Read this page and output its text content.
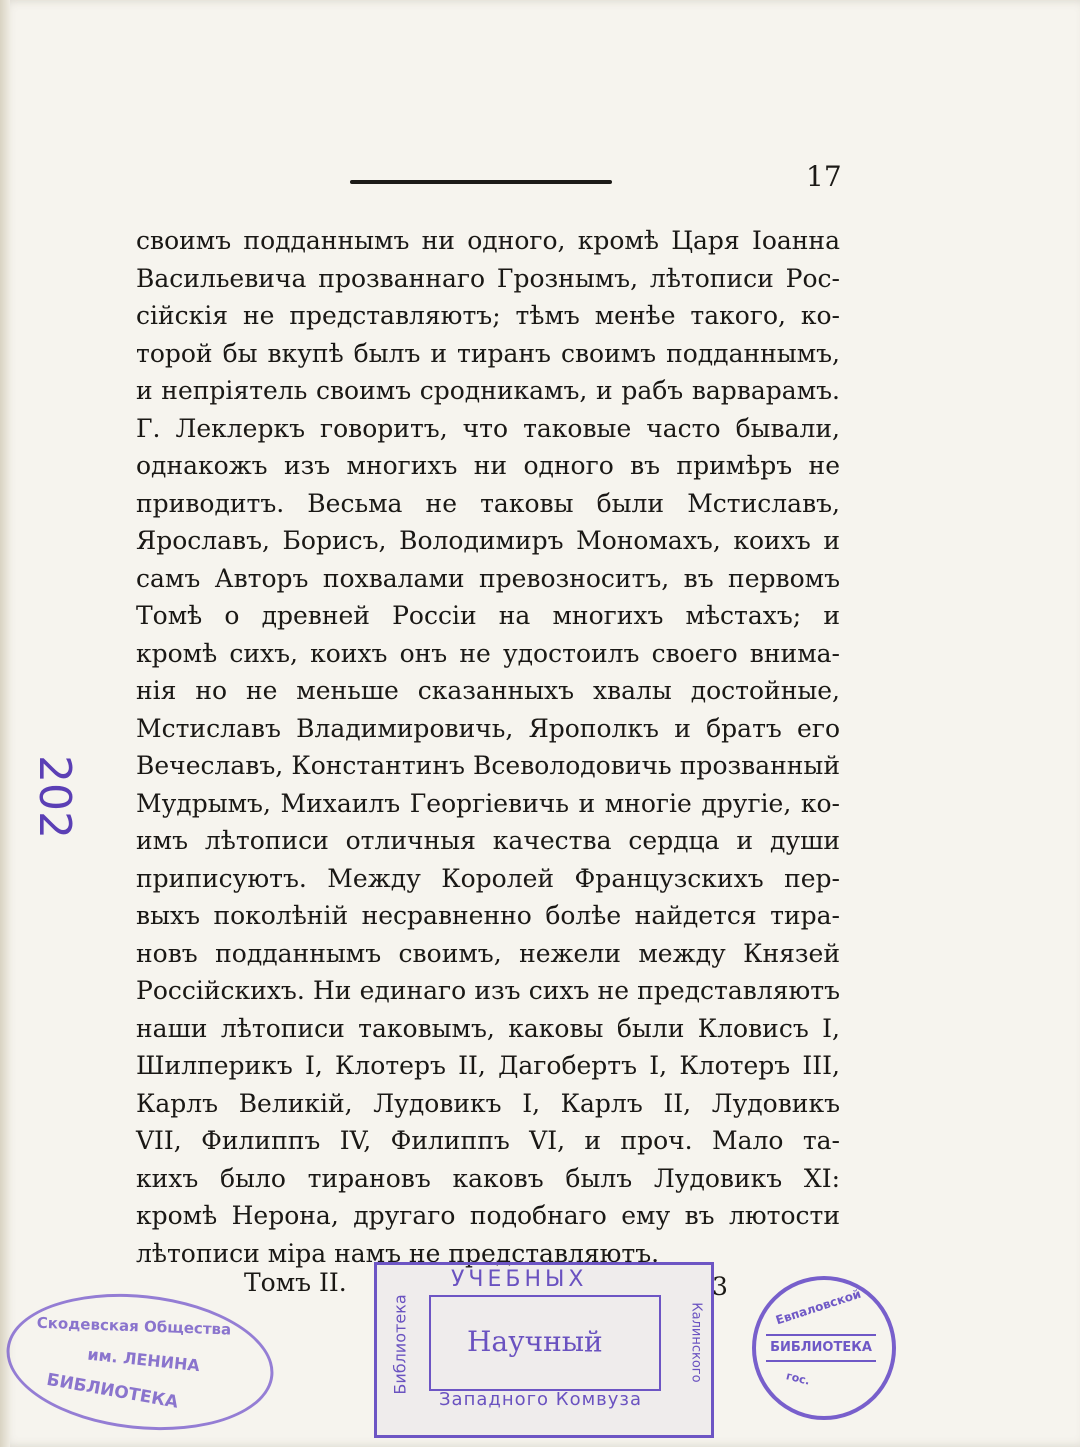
17
202
своимъ подданнымъ ни одного, кромѣ Царя Іоанна
Васильевича прозваннаго Грознымъ, лѣтописи Рос-
сійскія не представляютъ; тѣмъ менѣе такого, ко-
торой бы вкупѣ былъ и тиранъ своимъ подданнымъ,
и непріятель своимъ сродникамъ, и рабъ варварамъ.
Г. Леклеркъ говоритъ, что таковые часто бывали,
однакожъ изъ многихъ ни одного въ примѣръ не
приводитъ. Весьма не таковы были Мстиславъ,
Ярославъ, Борисъ, Володимиръ Мономахъ, коихъ и
самъ Авторъ похвалами превозноситъ, въ первомъ
Томѣ о древней Россіи на многихъ мѣстахъ; и
кромѣ сихъ, коихъ онъ не удостоилъ своего внима-
нія но не меньше сказанныхъ хвалы достойные,
Мстиславъ Владимировичь, Ярополкъ и братъ его
Вечеславъ, Константинъ Всеволодовичь прозванный
Мудрымъ, Михаилъ Георгіевичь и многіе другіе, ко-
имъ лѣтописи отличныя качества сердца и души
приписуютъ. Между Королей Французскихъ пер-
выхъ поколѣній несравненно болѣе найдется тира-
новъ подданнымъ своимъ, нежели между Князей
Россійскихъ. Ни единаго изъ сихъ не представляютъ
наши лѣтописи таковымъ, каковы были Кловисъ I,
Шилперикъ I, Клотеръ II, Дагобертъ I, Клотеръ III,
Карлъ Великій, Лудовикъ I, Карлъ II, Лудовикъ
VII, Филиппъ IV, Филиппъ VI, и проч. Мало та-
кихъ было тирановъ каковъ былъ Лудовикъ XI:
кромѣ Нерона, другаго подобнаго ему въ лютости
лѣтописи міра намъ не представляютъ.
Томъ II.	3
Скодевская Общества
им. ЛЕНИНА
БИБЛИОТЕКА
УЧЕБНЫХ
Научный
Западного Комвуза
Библиотека	Калинского	Евпаловской
БИБЛИОТЕКА
гос.
